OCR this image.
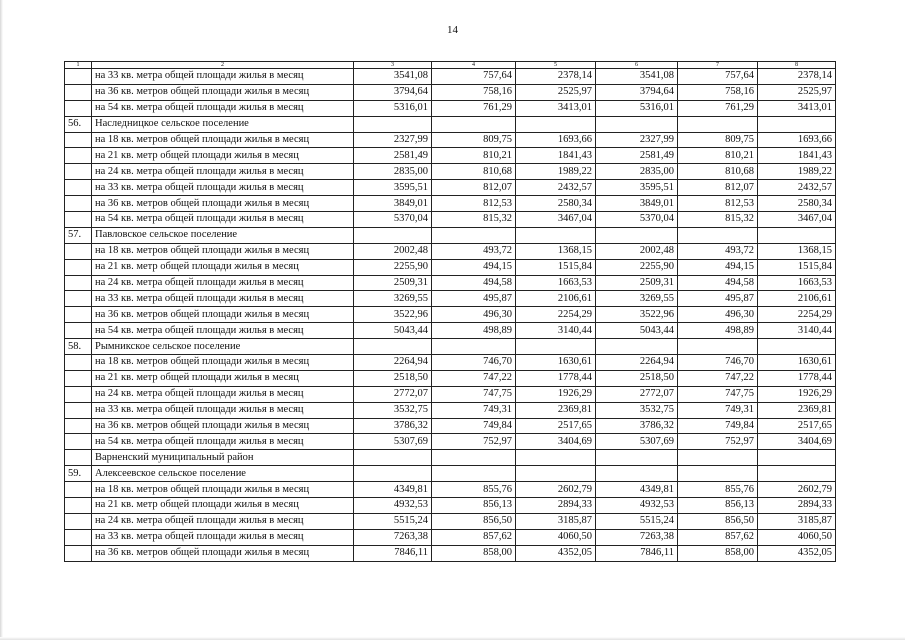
14
1	2	3	4	5	6	7	8
	на 33 кв. метра общей площади жилья в месяц	3541,08	757,64	2378,14	3541,08	757,64	2378,14
	на 36 кв. метров общей площади жилья в месяц	3794,64	758,16	2525,97	3794,64	758,16	2525,97
	на 54 кв. метра общей площади жилья в месяц	5316,01	761,29	3413,01	5316,01	761,29	3413,01
56.	Наследницкое сельское поселение						
	на 18 кв. метров общей площади жилья в месяц	2327,99	809,75	1693,66	2327,99	809,75	1693,66
	на 21 кв. метр общей площади жилья в месяц	2581,49	810,21	1841,43	2581,49	810,21	1841,43
	на 24 кв. метра общей площади жилья в месяц	2835,00	810,68	1989,22	2835,00	810,68	1989,22
	на 33 кв. метра общей площади жилья в месяц	3595,51	812,07	2432,57	3595,51	812,07	2432,57
	на 36 кв. метров общей площади жилья в месяц	3849,01	812,53	2580,34	3849,01	812,53	2580,34
	на 54 кв. метра общей площади жилья в месяц	5370,04	815,32	3467,04	5370,04	815,32	3467,04
57.	Павловское сельское поселение						
	на 18 кв. метров общей площади жилья в месяц	2002,48	493,72	1368,15	2002,48	493,72	1368,15
	на 21 кв. метр общей площади жилья в месяц	2255,90	494,15	1515,84	2255,90	494,15	1515,84
	на 24 кв. метра общей площади жилья в месяц	2509,31	494,58	1663,53	2509,31	494,58	1663,53
	на 33 кв. метра общей площади жилья в месяц	3269,55	495,87	2106,61	3269,55	495,87	2106,61
	на 36 кв. метров общей площади жилья в месяц	3522,96	496,30	2254,29	3522,96	496,30	2254,29
	на 54 кв. метра общей площади жилья в месяц	5043,44	498,89	3140,44	5043,44	498,89	3140,44
58.	Рымникское сельское поселение						
	на 18 кв. метров общей площади жилья в месяц	2264,94	746,70	1630,61	2264,94	746,70	1630,61
	на 21 кв. метр общей площади жилья в месяц	2518,50	747,22	1778,44	2518,50	747,22	1778,44
	на 24 кв. метра общей площади жилья в месяц	2772,07	747,75	1926,29	2772,07	747,75	1926,29
	на 33 кв. метра общей площади жилья в месяц	3532,75	749,31	2369,81	3532,75	749,31	2369,81
	на 36 кв. метров общей площади жилья в месяц	3786,32	749,84	2517,65	3786,32	749,84	2517,65
	на 54 кв. метра общей площади жилья в месяц	5307,69	752,97	3404,69	5307,69	752,97	3404,69
	Варненский муниципальный район						
59.	Алексеевское сельское поселение						
	на 18 кв. метров общей площади жилья в месяц	4349,81	855,76	2602,79	4349,81	855,76	2602,79
	на 21 кв. метр общей площади жилья в месяц	4932,53	856,13	2894,33	4932,53	856,13	2894,33
	на 24 кв. метра общей площади жилья в месяц	5515,24	856,50	3185,87	5515,24	856,50	3185,87
	на 33 кв. метра общей площади жилья в месяц	7263,38	857,62	4060,50	7263,38	857,62	4060,50
	на 36 кв. метров общей площади жилья в месяц	7846,11	858,00	4352,05	7846,11	858,00	4352,05
